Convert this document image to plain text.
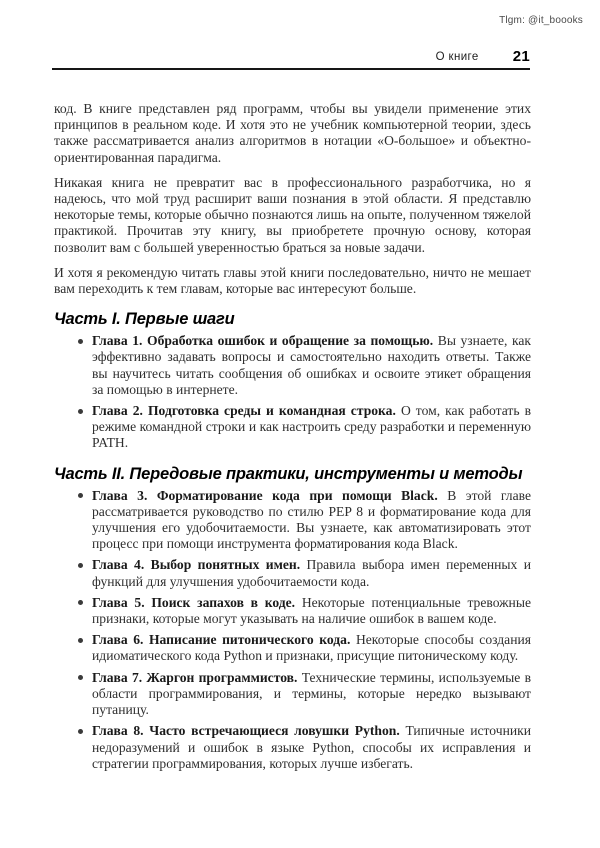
Tlgm: @it_boooks
О книге 21

код. В книге представлен ряд программ, чтобы вы увидели применение этих принципов в реальном коде. И хотя это не учебник компьютерной теории, здесь также рассматривается анализ алгоритмов в нотации «О-большое» и объектно-ориентированная парадигма.

Никакая книга не превратит вас в профессионального разработчика, но я надеюсь, что мой труд расширит ваши познания в этой области. Я представлю некоторые темы, которые обычно познаются лишь на опыте, полученном тяжелой практикой. Прочитав эту книгу, вы приобретете прочную основу, которая позволит вам с большей уверенностью браться за новые задачи.

И хотя я рекомендую читать главы этой книги последовательно, ничто не мешает вам переходить к тем главам, которые вас интересуют больше.

Часть I. Первые шаги
Глава 1. Обработка ошибок и обращение за помощью. Вы узнаете, как эффективно задавать вопросы и самостоятельно находить ответы. Также вы научитесь читать сообщения об ошибках и освоите этикет обращения за помощью в интернете.
Глава 2. Подготовка среды и командная строка. О том, как работать в режиме командной строки и как настроить среду разработки и переменную PATH.
Часть II. Передовые практики, инструменты и методы
Глава 3. Форматирование кода при помощи Black. В этой главе рассматривается руководство по стилю PEP 8 и форматирование кода для улучшения его удобочитаемости. Вы узнаете, как автоматизировать этот процесс при помощи инструмента форматирования кода Black.
Глава 4. Выбор понятных имен. Правила выбора имен переменных и функций для улучшения удобочитаемости кода.
Глава 5. Поиск запахов в коде. Некоторые потенциальные тревожные признаки, которые могут указывать на наличие ошибок в вашем коде.
Глава 6. Написание питонического кода. Некоторые способы создания идиоматического кода Python и признаки, присущие питоническому коду.
Глава 7. Жаргон программистов. Технические термины, используемые в области программирования, и термины, которые нередко вызывают путаницу.
Глава 8. Часто встречающиеся ловушки Python. Типичные источники недоразумений и ошибок в языке Python, способы их исправления и стратегии программирования, которых лучше избегать.
